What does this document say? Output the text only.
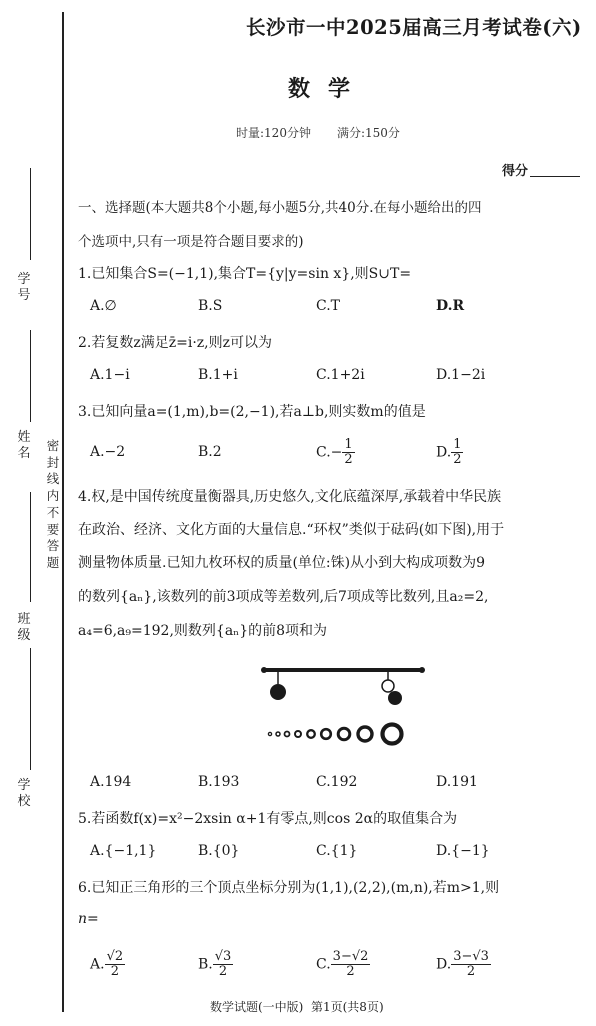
学号
姓名
班级
学校
密封线内不要答题
长沙市一中2025届高三月考试卷(六)
数学
时量:120分钟 满分:150分
得分
一、选择题(本大题共8个小题,每小题5分,共40分.在每小题给出的四
个选项中,只有一项是符合题目要求的)
1.已知集合S=(−1,1),集合T={y|y=sin x},则S∪T=
A.∅	B.S	C.T	D.R
2.若复数z满足z̄=i·z,则z可以为
A.1−i	B.1+i	C.1+2i	D.1−2i
3.已知向量a=(1,m),b=(2,−1),若a⊥b,则实数m的值是
A.−2	B.2	$C.- \frac{1}{2}$	D. $\frac{1}{2}$
4.权,是中国传统度量衡器具,历史悠久,文化底蕴深厚,承载着中华民族
在政治、经济、文化方面的大量信息.“环权”类似于砝码(如下图),用于
测量物体质量.已知九枚环权的质量(单位:铢)从小到大构成项数为9
的数列{aₙ},该数列的前3项成等差数列,后7项成等比数列,且a₂=2,
a₄=6,a₉=192,则数列{aₙ}的前8项和为
A.194	B.193	C.192	D.191
5.若函数f(x)=x²−2xsin α+1有零点,则cos 2α的取值集合为
A.{−1,1}	B.{0}	C.{1}	D.{−1}
6.已知正三角形的三个顶点坐标分别为(1,1),(2,2),(m,n),若m>1,则
n=
A. $\frac{√2}{2}$	B. $\frac{√3}{2}$	C. $\frac{3-√2}{2}$	D. $\frac{3-√3}{2}$
数学试题(一中版)  第1页(共8页)
